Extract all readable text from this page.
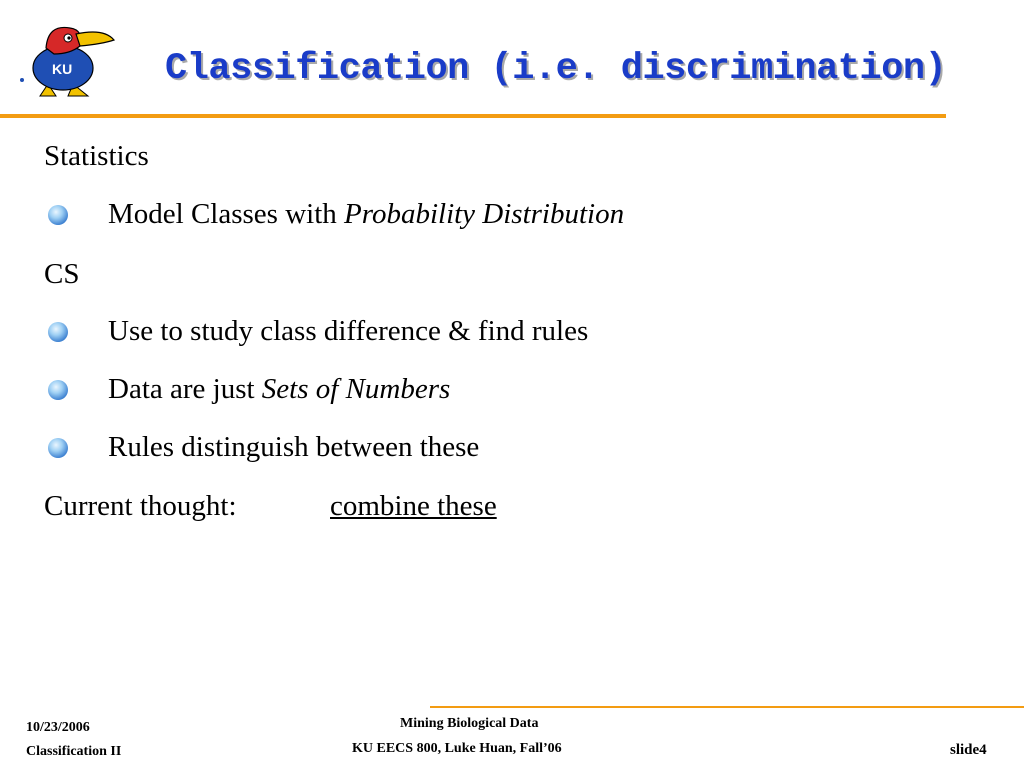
KU	Classification (i.e. discrimination)
Statistics
Model Classes with Probability Distribution
CS
Use to study class difference & find rules
Data are just Sets of Numbers
Rules distinguish between these
Current thought:	combine these
10/23/2006
Classification II
Mining Biological Data
KU EECS 800, Luke Huan, Fall’06	slide4
